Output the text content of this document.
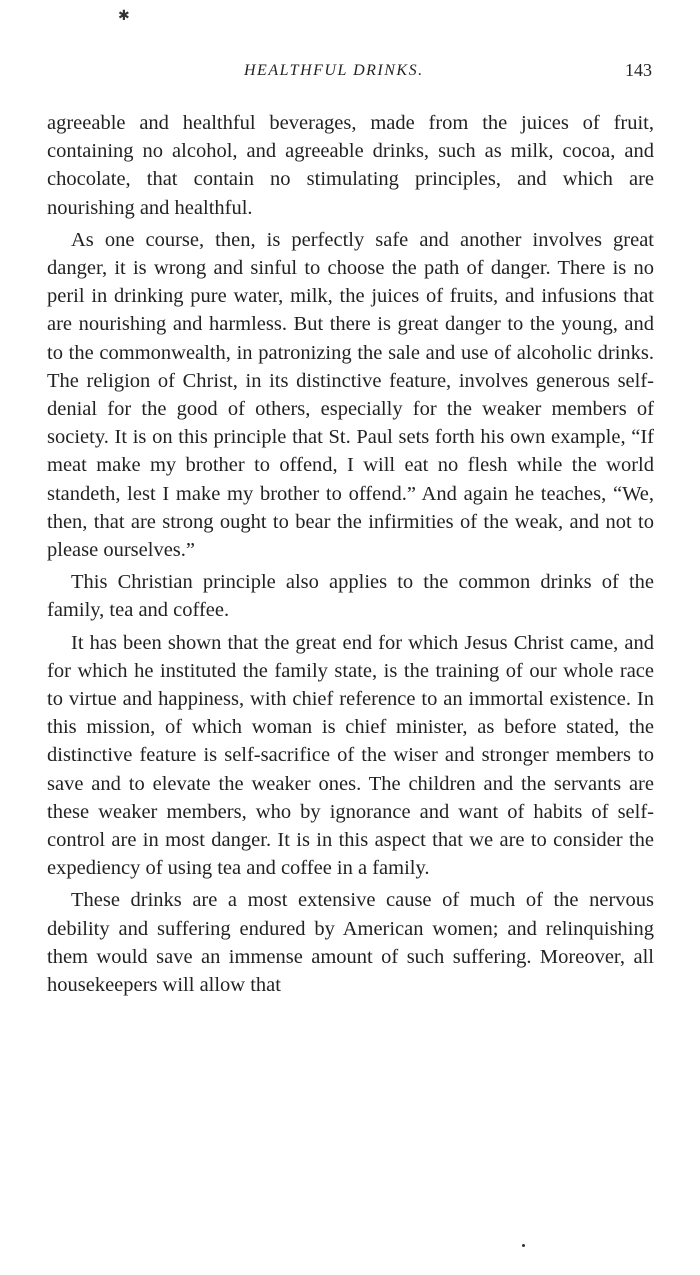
✱
HEALTHFUL DRINKS.	143

agreeable and healthful beverages, made from the juices of fruit, containing no alcohol, and agreeable drinks, such as milk, cocoa, and chocolate, that contain no stimulating principles, and which are nourishing and healthful.

As one course, then, is perfectly safe and another involves great danger, it is wrong and sinful to choose the path of danger. There is no peril in drinking pure water, milk, the juices of fruits, and infusions that are nourishing and harmless. But there is great danger to the young, and to the commonwealth, in patronizing the sale and use of alcoholic drinks. The religion of Christ, in its distinctive feature, involves generous self-denial for the good of others, especially for the weaker members of society. It is on this principle that St. Paul sets forth his own example, “If meat make my brother to offend, I will eat no flesh while the world standeth, lest I make my brother to offend.” And again he teaches, “We, then, that are strong ought to bear the infirmities of the weak, and not to please ourselves.”

This Christian principle also applies to the common drinks of the family, tea and coffee.

It has been shown that the great end for which Jesus Christ came, and for which he instituted the family state, is the training of our whole race to virtue and happiness, with chief reference to an immortal existence. In this mission, of which woman is chief minister, as before stated, the distinctive feature is self-sacrifice of the wiser and stronger members to save and to elevate the weaker ones. The children and the servants are these weaker members, who by ignorance and want of habits of self-control are in most danger. It is in this aspect that we are to consider the expediency of using tea and coffee in a family.

These drinks are a most extensive cause of much of the nervous debility and suffering endured by American women; and relinquishing them would save an immense amount of such suffering. Moreover, all housekeepers will allow that
